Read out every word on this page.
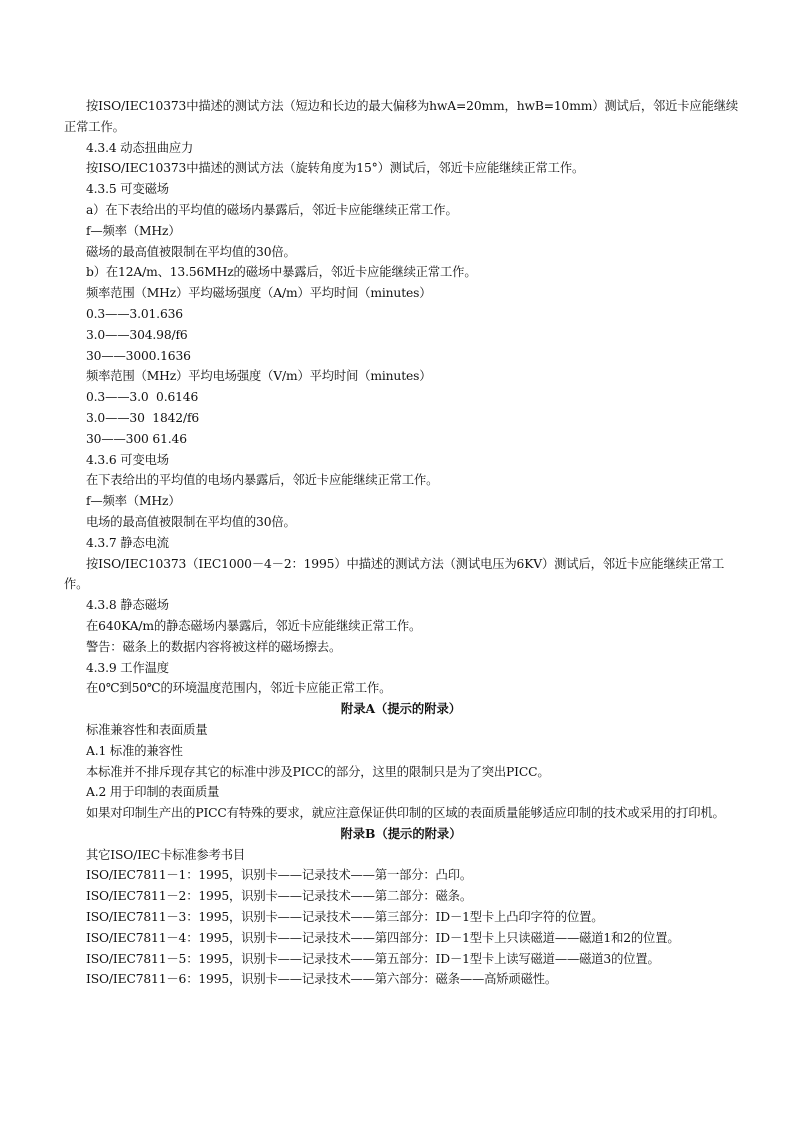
按ISO/IEC10373中描述的测试方法（短边和长边的最大偏移为hwA=20mm，hwB=10mm）测试后，邻近卡应能继续正常工作。

4.3.4 动态扭曲应力

按ISO/IEC10373中描述的测试方法（旋转角度为15°）测试后，邻近卡应能继续正常工作。

4.3.5 可变磁场

a）在下表给出的平均值的磁场内暴露后，邻近卡应能继续正常工作。

f—频率（MHz）

磁场的最高值被限制在平均值的30倍。

b）在12A/m、13.56MHz的磁场中暴露后，邻近卡应能继续正常工作。

频率范围（MHz）平均磁场强度（A/m）平均时间（minutes）

0.3——3.01.636

3.0——304.98/f6

30——3000.1636

频率范围（MHz）平均电场强度（V/m）平均时间（minutes）

0.3——3.0  0.6146

3.0——30  1842/f6

30——300 61.46

4.3.6 可变电场

在下表给出的平均值的电场内暴露后，邻近卡应能继续正常工作。

f—频率（MHz）

电场的最高值被限制在平均值的30倍。

4.3.7 静态电流

按ISO/IEC10373（IEC1000－4－2：1995）中描述的测试方法（测试电压为6KV）测试后，邻近卡应能继续正常工作。

4.3.8 静态磁场

在640KA/m的静态磁场内暴露后，邻近卡应能继续正常工作。

警告：磁条上的数据内容将被这样的磁场擦去。

4.3.9 工作温度

在0℃到50℃的环境温度范围内，邻近卡应能正常工作。

附录A（提示的附录）

标准兼容性和表面质量

A.1 标准的兼容性

本标准并不排斥现存其它的标准中涉及PICC的部分，这里的限制只是为了突出PICC。

A.2 用于印制的表面质量

如果对印制生产出的PICC有特殊的要求，就应注意保证供印制的区域的表面质量能够适应印制的技术或采用的打印机。

附录B（提示的附录）

其它ISO/IEC卡标准参考书目

ISO/IEC7811－1：1995，识别卡——记录技术——第一部分：凸印。

ISO/IEC7811－2：1995，识别卡——记录技术——第二部分：磁条。

ISO/IEC7811－3：1995，识别卡——记录技术——第三部分：ID－1型卡上凸印字符的位置。

ISO/IEC7811－4：1995，识别卡——记录技术——第四部分：ID－1型卡上只读磁道——磁道1和2的位置。

ISO/IEC7811－5：1995，识别卡——记录技术——第五部分：ID－1型卡上读写磁道——磁道3的位置。

ISO/IEC7811－6：1995，识别卡——记录技术——第六部分：磁条——高矫顽磁性。
